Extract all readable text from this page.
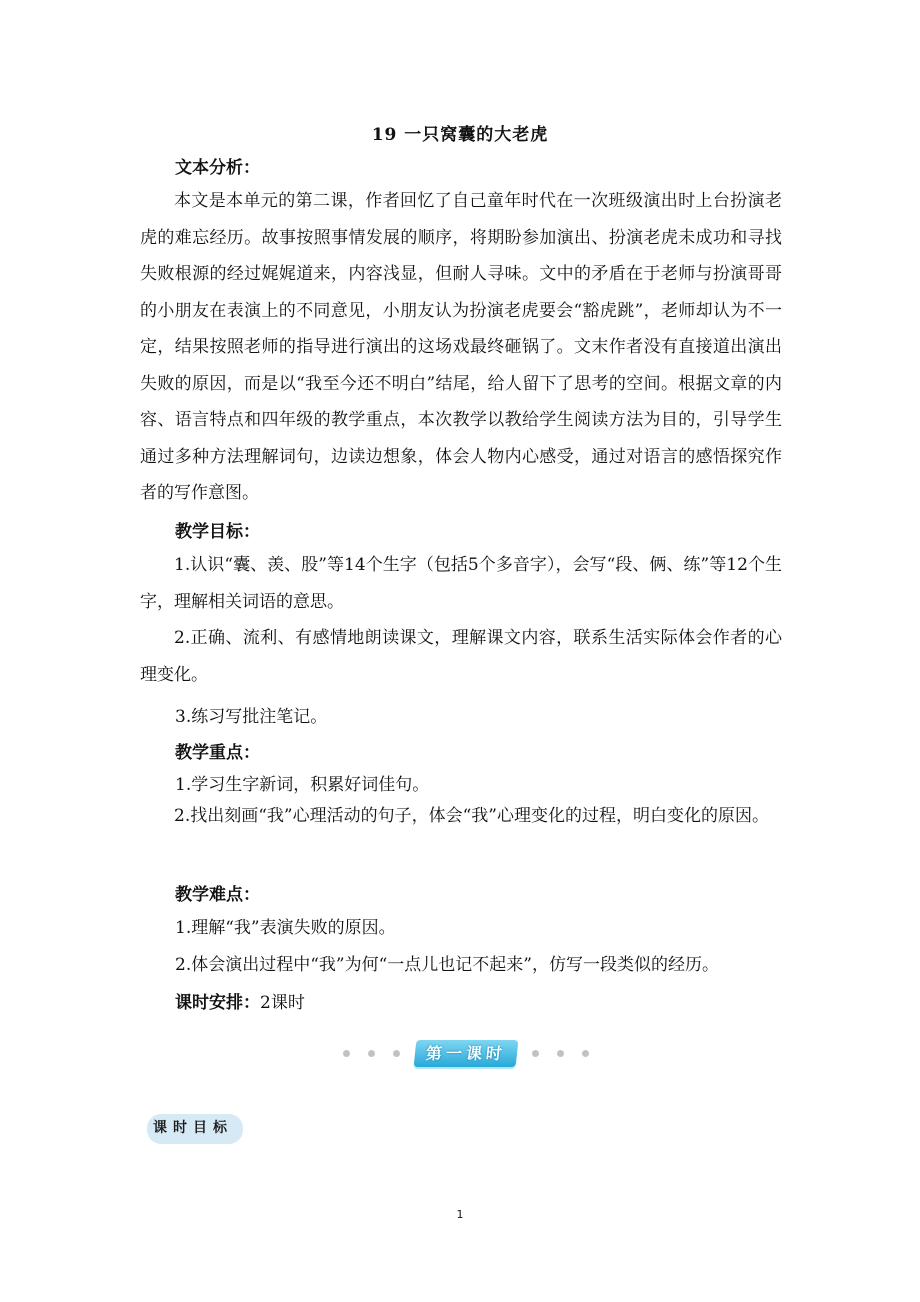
19 一只窝囊的大老虎
文本分析：

本文是本单元的第二课，作者回忆了自己童年时代在一次班级演出时上台扮演老虎的难忘经历。故事按照事情发展的顺序，将期盼参加演出、扮演老虎未成功和寻找失败根源的经过娓娓道来，内容浅显，但耐人寻味。文中的矛盾在于老师与扮演哥哥的小朋友在表演上的不同意见，小朋友认为扮演老虎要会“豁虎跳”，老师却认为不一定，结果按照老师的指导进行演出的这场戏最终砸锅了。文末作者没有直接道出演出失败的原因，而是以“我至今还不明白”结尾，给人留下了思考的空间。根据文章的内容、语言特点和四年级的教学重点，本次教学以教给学生阅读方法为目的，引导学生通过多种方法理解词句，边读边想象，体会人物内心感受，通过对语言的感悟探究作者的写作意图。

教学目标：

1.认识“囊、羡、股”等14个生字（包括5个多音字），会写“段、俩、练”等12个生字，理解相关词语的意思。

2.正确、流利、有感情地朗读课文，理解课文内容，联系生活实际体会作者的心理变化。

3.练习写批注笔记。
教学重点：
1.学习生字新词，积累好词佳句。

2.找出刻画“我”心理活动的句子，体会“我”心理变化的过程，明白变化的原因。

教学难点：
1.理解“我”表演失败的原因。
2.体会演出过程中“我”为何“一点儿也记不起来”，仿写一段类似的经历。
课时安排：2课时
第一课时
课时目标
1
